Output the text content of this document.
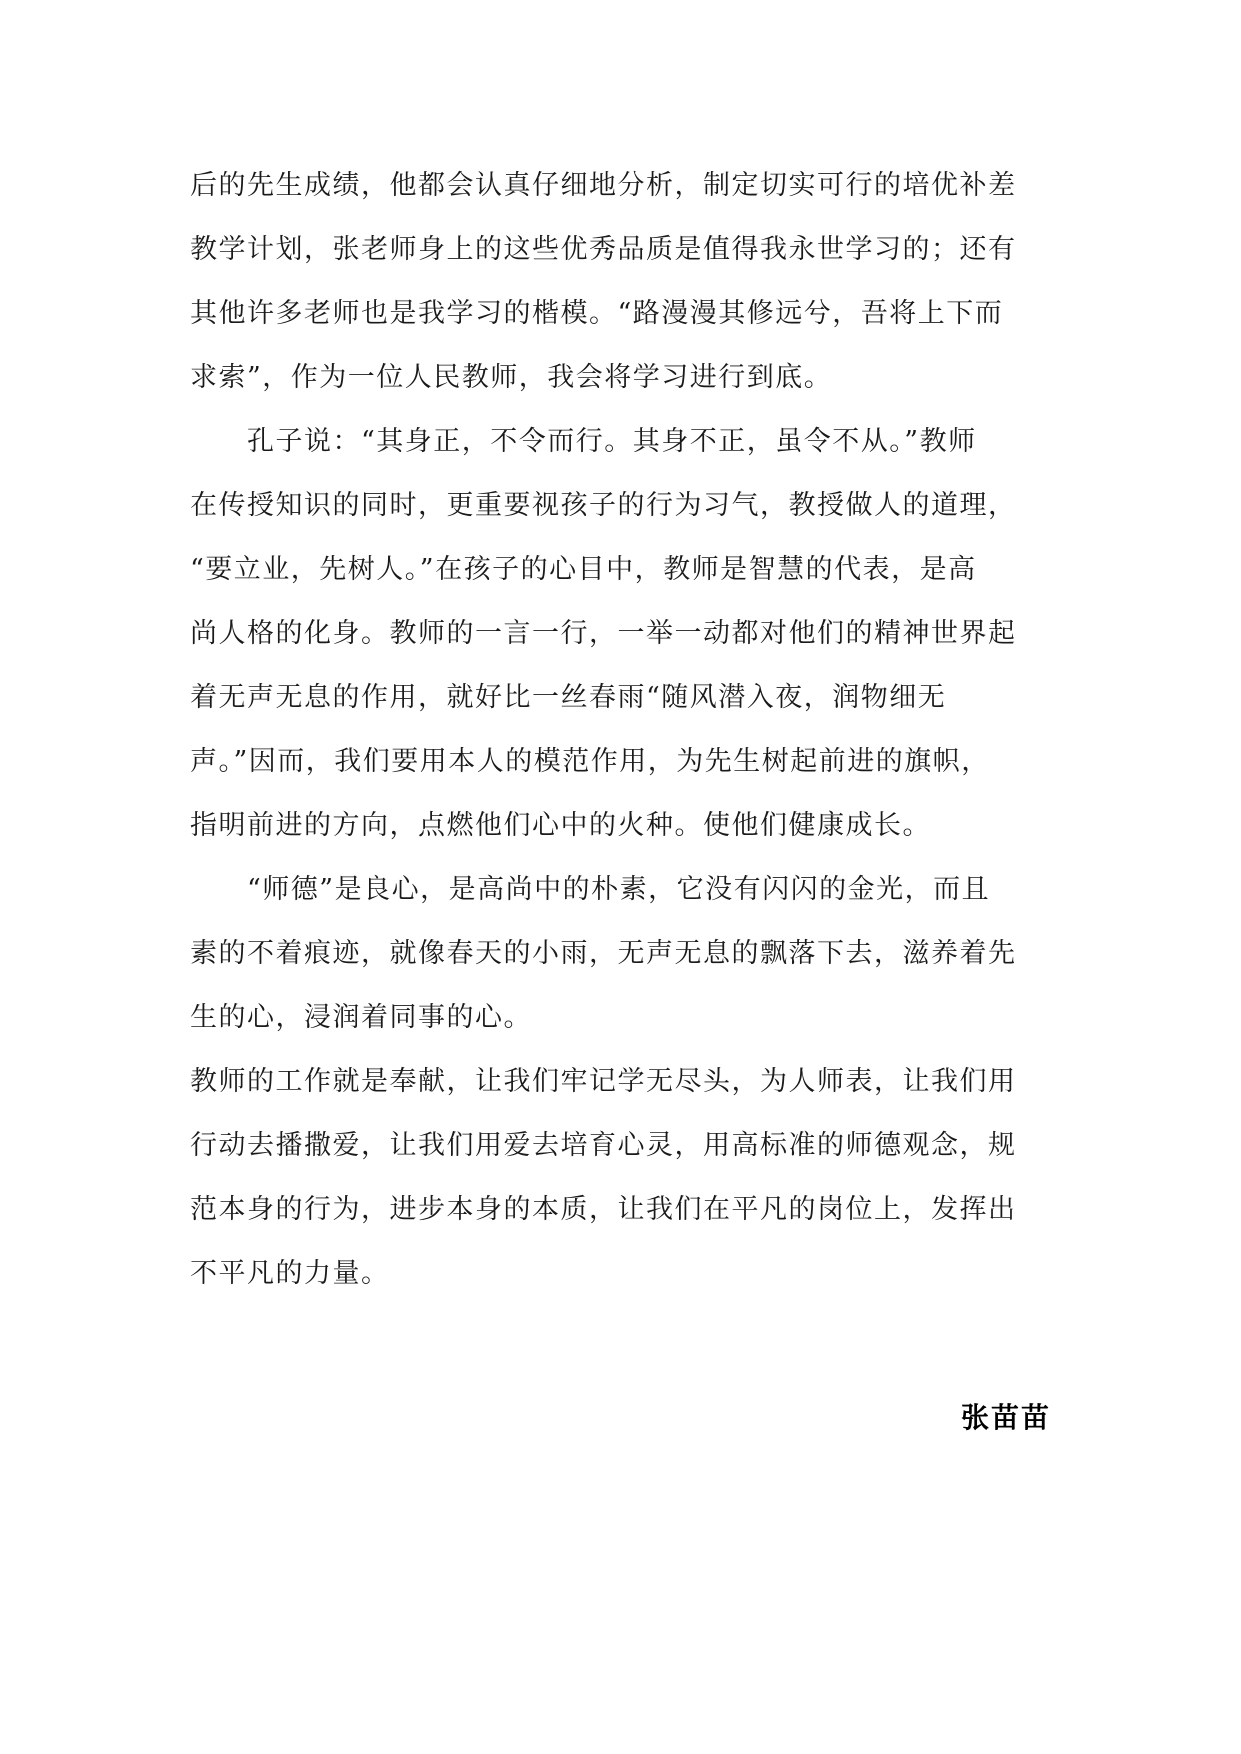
后的先生成绩，他都会认真仔细地分析，制定切实可行的培优补差
教学计划，张老师身上的这些优秀品质是值得我永世学习的；还有
其他许多老师也是我学习的楷模。“路漫漫其修远兮，吾将上下而
求索”，作为一位人民教师，我会将学习进行到底。
　　孔子说：“其身正，不令而行。其身不正，虽令不从。”教师
在传授知识的同时，更重要视孩子的行为习气，教授做人的道理，
“要立业，先树人。”在孩子的心目中，教师是智慧的代表，是高
尚人格的化身。教师的一言一行，一举一动都对他们的精神世界起
着无声无息的作用，就好比一丝春雨“随风潜入夜，润物细无
声。”因而，我们要用本人的模范作用，为先生树起前进的旗帜，
指明前进的方向，点燃他们心中的火种。使他们健康成长。
　　“师德”是良心，是高尚中的朴素，它没有闪闪的金光，而且
素的不着痕迹，就像春天的小雨，无声无息的飘落下去，滋养着先
生的心，浸润着同事的心。
教师的工作就是奉献，让我们牢记学无尽头，为人师表，让我们用
行动去播撒爱，让我们用爱去培育心灵，用高标准的师德观念，规
范本身的行为，进步本身的本质，让我们在平凡的岗位上，发挥出
不平凡的力量。
张苗苗
